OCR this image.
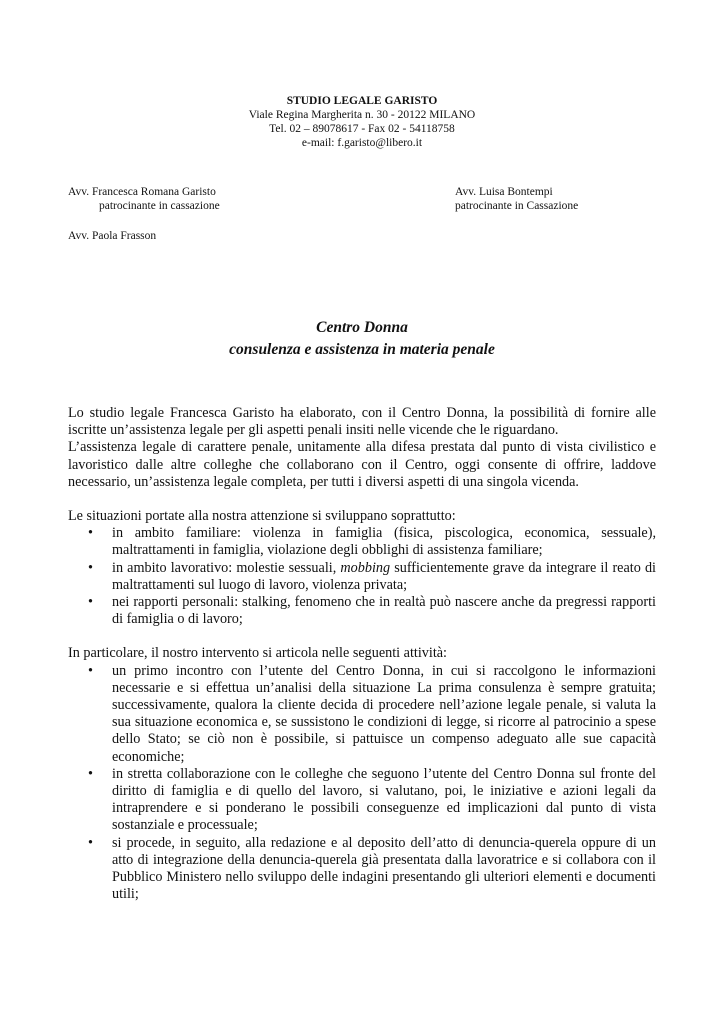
STUDIO LEGALE GARISTO
Viale Regina Margherita n. 30 - 20122 MILANO
Tel. 02 – 89078617 - Fax 02 - 54118758
e-mail: f.garisto@libero.it
Avv. Francesca Romana Garisto
patrocinante in cassazione
Avv. Luisa Bontempi
patrocinante in Cassazione
Avv. Paola Frasson
Centro Donna
consulenza e assistenza in materia penale

Lo studio legale Francesca Garisto ha elaborato, con il Centro Donna, la possibilità di fornire alle iscritte un’assistenza legale per gli aspetti penali insiti nelle vicende che le riguardano.

L’assistenza legale di carattere penale, unitamente alla difesa prestata dal punto di vista civilistico e lavoristico dalle altre colleghe che collaborano con il Centro, oggi consente di offrire, laddove necessario, un’assistenza legale completa, per tutti i diversi aspetti di una singola vicenda.

Le situazioni portate alla nostra attenzione si sviluppano soprattutto:

• in ambito familiare: violenza in famiglia (fisica, piscologica, economica, sessuale), maltrattamenti in famiglia, violazione degli obblighi di assistenza familiare;
• in ambito lavorativo: molestie sessuali, mobbing sufficientemente grave da integrare il reato di maltrattamenti sul luogo di lavoro, violenza privata;
• nei rapporti personali: stalking, fenomeno che in realtà può nascere anche da pregressi rapporti di famiglia o di lavoro;

In particolare, il nostro intervento si articola nelle seguenti attività:

• un primo incontro con l’utente del Centro Donna, in cui si raccolgono le informazioni necessarie e si effettua un’analisi della situazione La prima consulenza è sempre gratuita; successivamente, qualora la cliente decida di procedere nell’azione legale penale, si valuta la sua situazione economica e, se sussistono le condizioni di legge, si ricorre al patrocinio a spese dello Stato; se ciò non è possibile, si pattuisce un compenso adeguato alle sue capacità economiche;
• in stretta collaborazione con le colleghe che seguono l’utente del Centro Donna sul fronte del diritto di famiglia e di quello del lavoro, si valutano, poi, le iniziative e azioni legali da intraprendere e si ponderano le possibili conseguenze ed implicazioni dal punto di vista sostanziale e processuale;
• si procede, in seguito, alla redazione e al deposito dell’atto di denuncia-querela oppure di un atto di integrazione della denuncia-querela già presentata dalla lavoratrice e si collabora con il Pubblico Ministero nello sviluppo delle indagini presentando gli ulteriori elementi e documenti utili;
